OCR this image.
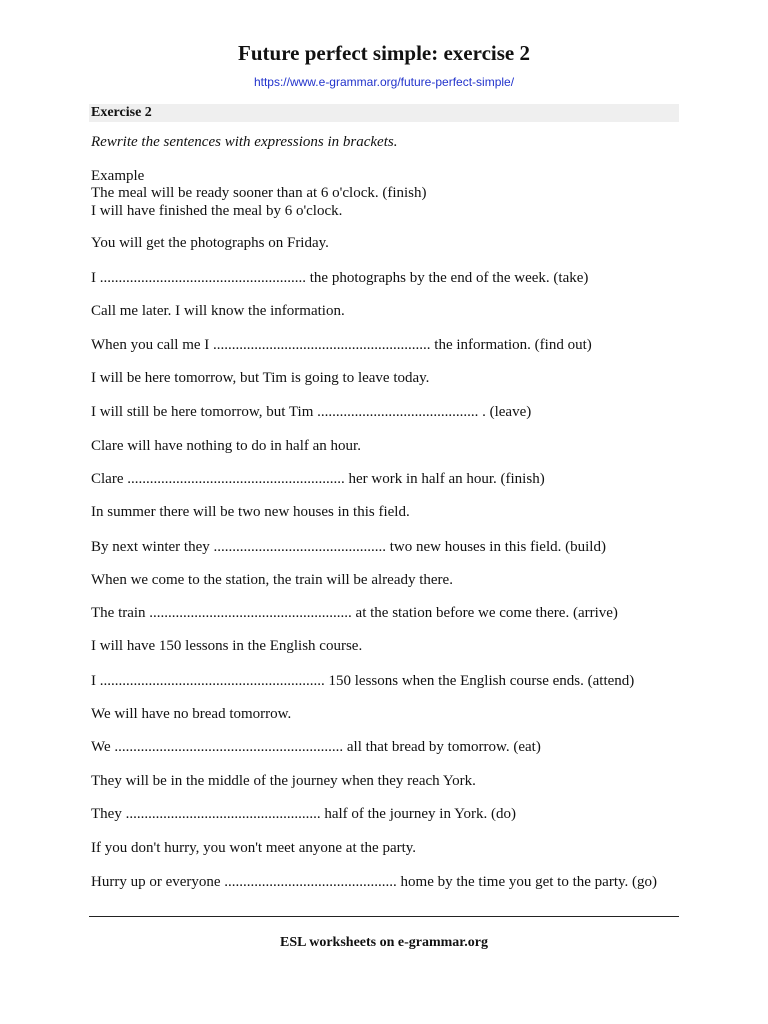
Future perfect simple: exercise 2
https://www.e-grammar.org/future-perfect-simple/
Exercise 2
Rewrite the sentences with expressions in brackets.
Example
The meal will be ready sooner than at 6 o'clock. (finish)
I will have finished the meal by 6 o'clock.
You will get the photographs on Friday.
I ....................................................... the photographs by the end of the week. (take)
Call me later. I will know the information.
When you call me I .......................................................... the information. (find out)
I will be here tomorrow, but Tim is going to leave today.
I will still be here tomorrow, but Tim ........................................... . (leave)
Clare will have nothing to do in half an hour.
Clare .......................................................... her work in half an hour. (finish)
In summer there will be two new houses in this field.
By next winter they .............................................. two new houses in this field. (build)
When we come to the station, the train will be already there.
The train ...................................................... at the station before we come there. (arrive)
I will have 150 lessons in the English course.
I ............................................................ 150 lessons when the English course ends. (attend)
We will have no bread tomorrow.
We ............................................................. all that bread by tomorrow. (eat)
They will be in the middle of the journey when they reach York.
They .................................................... half of the journey in York. (do)
If you don't hurry, you won't meet anyone at the party.
Hurry up or everyone .............................................. home by the time you get to the party. (go)
ESL worksheets on e-grammar.org
